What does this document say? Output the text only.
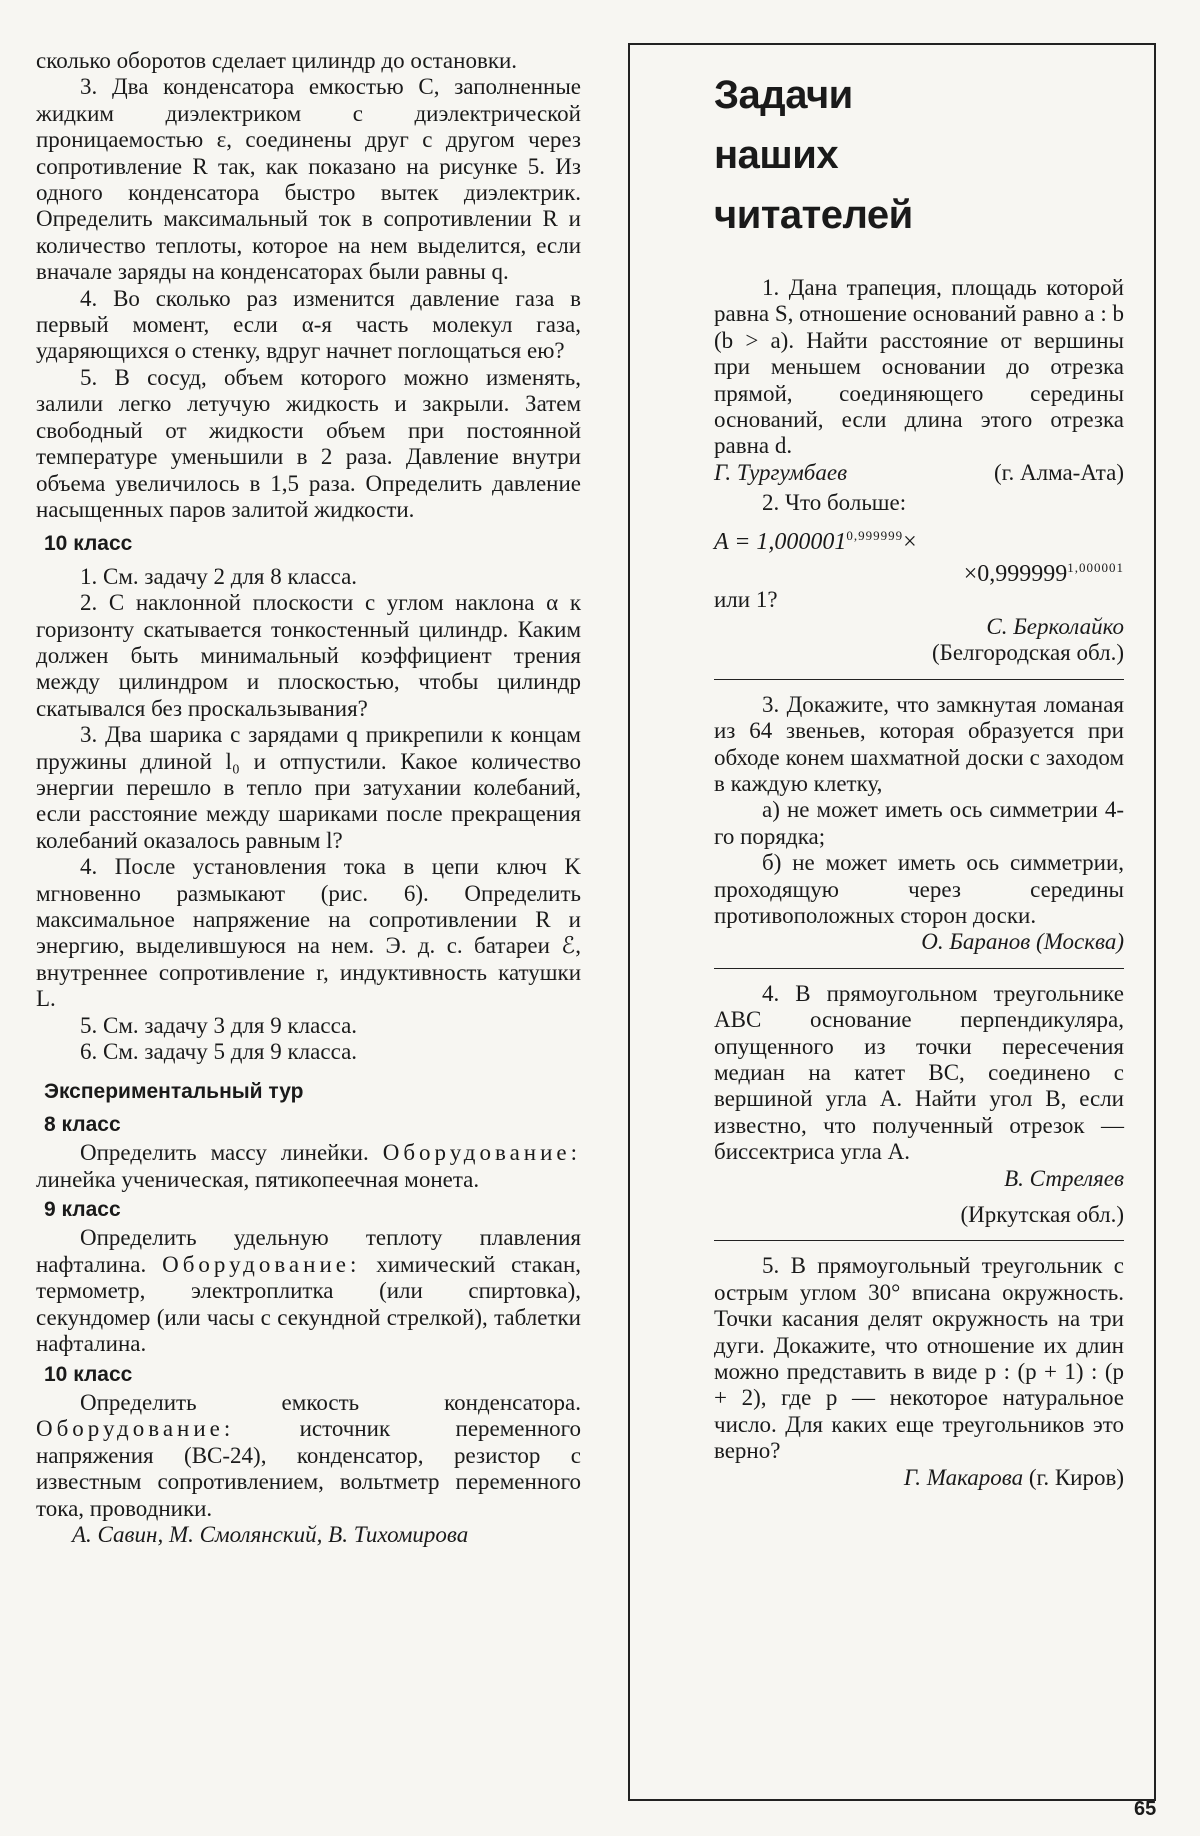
сколько оборотов сделает цилиндр до остановки.

3. Два конденсатора емкостью C, заполненные жидким диэлектриком с диэлектрической проницаемостью ε, соединены друг с другом через сопротивление R так, как показано на рисунке 5. Из одного конденсатора быстро вытек диэлектрик. Определить максимальный ток в сопротивлении R и количество теплоты, которое на нем выделится, если вначале заряды на конденсаторах были равны q.

4. Во сколько раз изменится давление газа в первый момент, если α-я часть молекул газа, ударяющихся о стенку, вдруг начнет поглощаться ею?

5. В сосуд, объем которого можно изменять, залили легко летучую жидкость и закрыли. Затем свободный от жидкости объем при постоянной температуре уменьшили в 2 раза. Давление внутри объема увеличилось в 1,5 раза. Определить давление насыщенных паров залитой жидкости.

10 класс

1. См. задачу 2 для 8 класса.

2. С наклонной плоскости с углом наклона α к горизонту скатывается тонкостенный цилиндр. Каким должен быть минимальный коэффициент трения между цилиндром и плоскостью, чтобы цилиндр скатывался без проскальзывания?

3. Два шарика с зарядами q прикрепили к концам пружины длиной l₀ и отпустили. Какое количество энергии перешло в тепло при затухании колебаний, если расстояние между шариками после прекращения колебаний оказалось равным l?

4. После установления тока в цепи ключ K мгновенно размыкают (рис. 6). Определить максимальное напряжение на сопротивлении R и энергию, выделившуюся на нем. Э. д. с. батареи ℰ, внутреннее сопротивление r, индуктивность катушки L.

5. См. задачу 3 для 9 класса.

6. См. задачу 5 для 9 класса.

Экспериментальный тур
8 класс

Определить массу линейки. Оборудование: линейка ученическая, пятикопеечная монета.

9 класс

Определить удельную теплоту плавления нафталина. Оборудование: химический стакан, термометр, электроплитка (или спиртовка), секундомер (или часы с секундной стрелкой), таблетки нафталина.

10 класс

Определить емкость конденсатора. Оборудование:	источник переменного напряжения (ВС-24), конденсатор, резистор с известным сопротивлением, вольтметр переменного тока, проводники.

А. Савин, М. Смолянский, В. Тихомирова

Задачи
наших
читателей

1. Дана трапеция, площадь которой равна S, отношение оснований равно a : b (b > a). Найти расстояние от вершины при меньшем основании до отрезка прямой, соединяющего середины оснований, если длина этого отрезка равна d.

Г. Тургумбаев	(г. Алма-Ата)

2. Что больше:

$A = 1,000001^{0,999999}\times$
$\times 0,999999^{1,000001}$

или 1?

С. Берколайко

(Белгородская обл.)

3. Докажите, что замкнутая ломаная из 64 звеньев, которая образуется при обходе конем шахматной доски с заходом в каждую клетку,

а) не может иметь ось симметрии 4-го порядка;

б) не может иметь ось симметрии, проходящую через середины противоположных сторон доски.

О. Баранов (Москва)

4. В прямоугольном треугольнике ABC основание перпендикуляра, опущенного из точки пересечения медиан на катет BC, соединено с вершиной угла A. Найти угол B, если известно, что полученный отрезок — биссектриса угла A.

В. Стреляев

(Иркутская обл.)

5. В прямоугольный треугольник с острым углом 30° вписана окружность. Точки касания делят окружность на три дуги. Докажите, что отношение их длин можно представить в виде p : (p + 1) : (p + 2), где p — некоторое натуральное число. Для каких еще треугольников это верно?

Г. Макарова (г. Киров)

65
